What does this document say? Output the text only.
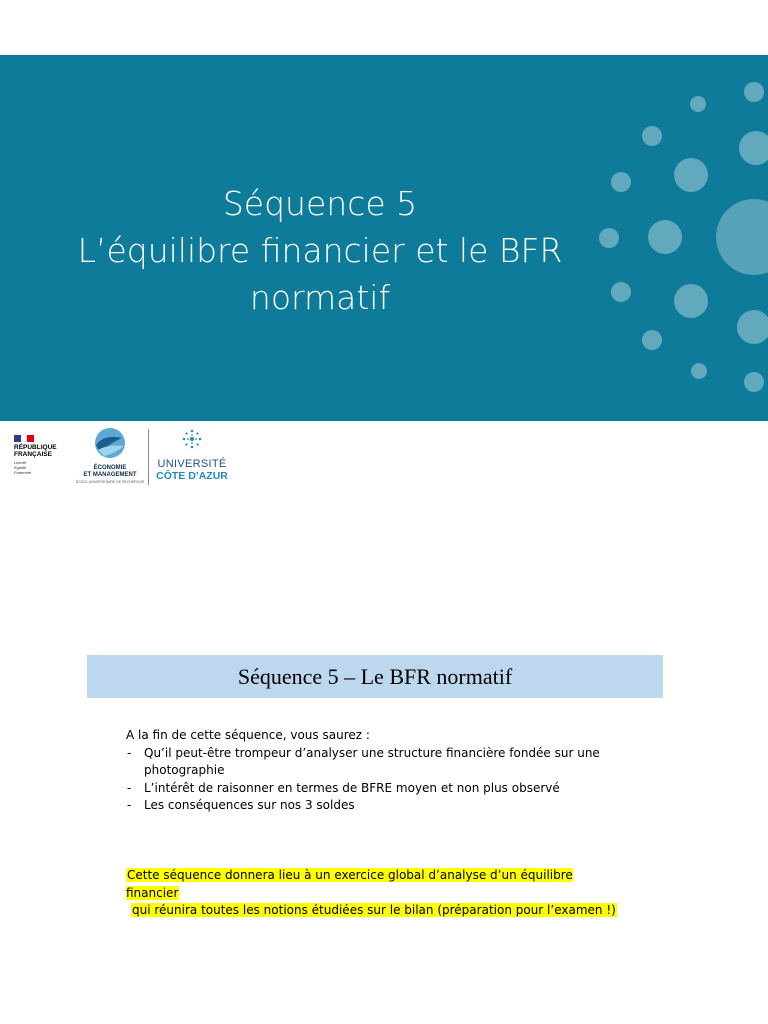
Séquence 5
L’équilibre financier et le BFR
normatif
RÉPUBLIQUE
FRANÇAISE
Liberté
Égalité
Fraternité
ÉCONOMIE
ET MANAGEMENT
ÉCOLE UNIVERSITAIRE DE RECHERCHE
UNIVERSITÉ
CÔTE D’AZUR
Séquence 5 – Le BFR normatif
A la fin de cette séquence, vous saurez :
- Qu’il peut-être trompeur d’analyser une structure financière fondée sur une photographie
- L’intérêt de raisonner en termes de BFRE moyen et non plus observé
- Les conséquences sur nos 3 soldes
Cette séquence donnera lieu à un exercice global d’analyse d’un équilibre financier
qui réunira toutes les notions étudiées sur le bilan (préparation pour l’examen !)
